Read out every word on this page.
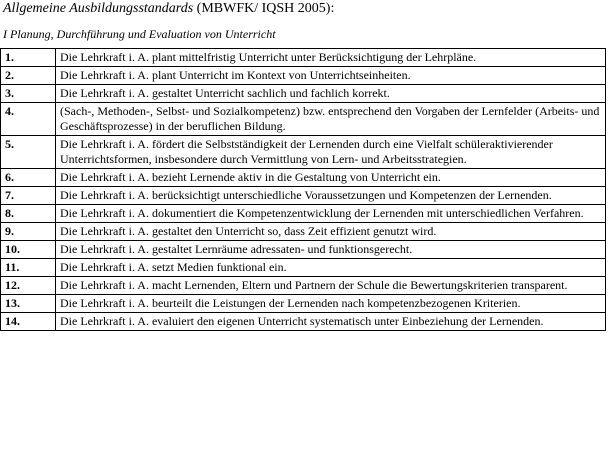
Allgemeine Ausbildungsstandards (MBWFK/ IQSH 2005):
I Planung, Durchführung und Evaluation von Unterricht
1.	Die Lehrkraft i. A. plant mittelfristig Unterricht unter Berücksichtigung der Lehrpläne.
2.	Die Lehrkraft i. A. plant Unterricht im Kontext von Unterrichtseinheiten.
3.	Die Lehrkraft i. A. gestaltet Unterricht sachlich und fachlich korrekt.
4.	(Sach-, Methoden-, Selbst- und Sozialkompetenz) bzw. entsprechend den Vorgaben der Lernfelder (Arbeits- und Geschäftsprozesse) in der beruflichen Bildung.
5.	Die Lehrkraft i. A. fördert die Selbstständigkeit der Lernenden durch eine Vielfalt schüleraktivierender Unterrichtsformen, insbesondere durch Vermittlung von Lern- und Arbeitsstrategien.
6.	Die Lehrkraft i. A. bezieht Lernende aktiv in die Gestaltung von Unterricht ein.
7.	Die Lehrkraft i. A. berücksichtigt unterschiedliche Voraussetzungen und Kompetenzen der Lernenden.
8.	Die Lehrkraft i. A. dokumentiert die Kompetenzentwicklung der Lernenden mit unterschiedlichen Verfahren.
9.	Die Lehrkraft i. A. gestaltet den Unterricht so, dass Zeit effizient genutzt wird.
10.	Die Lehrkraft i. A. gestaltet Lernräume adressaten- und funktionsgerecht.
11.	Die Lehrkraft i. A. setzt Medien funktional ein.
12.	Die Lehrkraft i. A. macht Lernenden, Eltern und Partnern der Schule die Bewertungskriterien transparent.
13.	Die Lehrkraft i. A. beurteilt die Leistungen der Lernenden nach kompetenzbezogenen Kriterien.
14.	Die Lehrkraft i. A. evaluiert den eigenen Unterricht systematisch unter Einbeziehung der Lernenden.
